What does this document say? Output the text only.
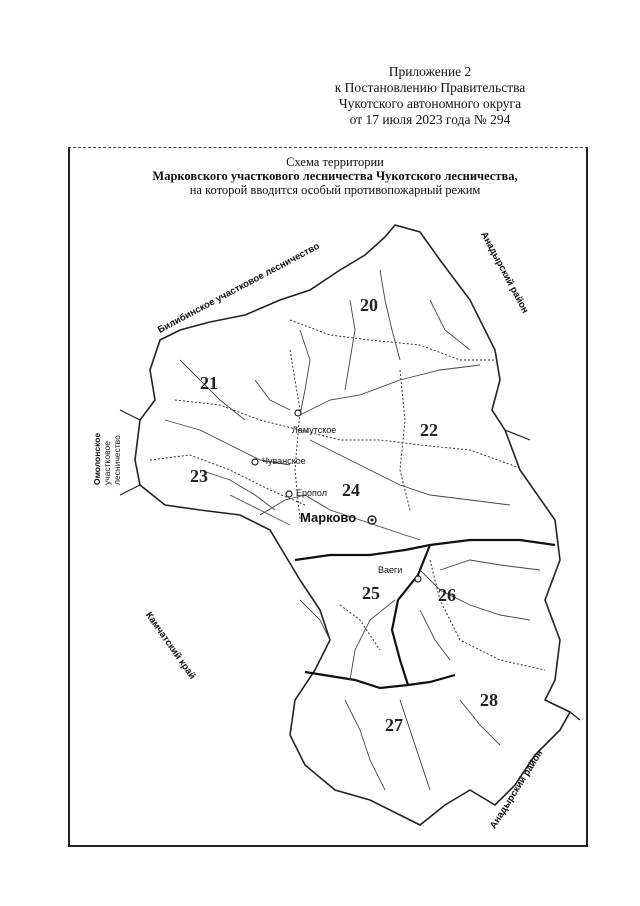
Приложение 2
к Постановлению Правительства
Чукотского автономного округа
от 17 июля 2023 года № 294
Схема территории
Марковского участкового лесничества Чукотского лесничества,
на которой вводится особый противопожарный режим
Билибинское участковое лесничество	Анадырский район
Омолонское участковое лесничество
Камчатский край
Анадырский район
20
21
22
23
24
25	26
27
28
Ламутское
Чуванское
Еропол
Марково
Ваеги
